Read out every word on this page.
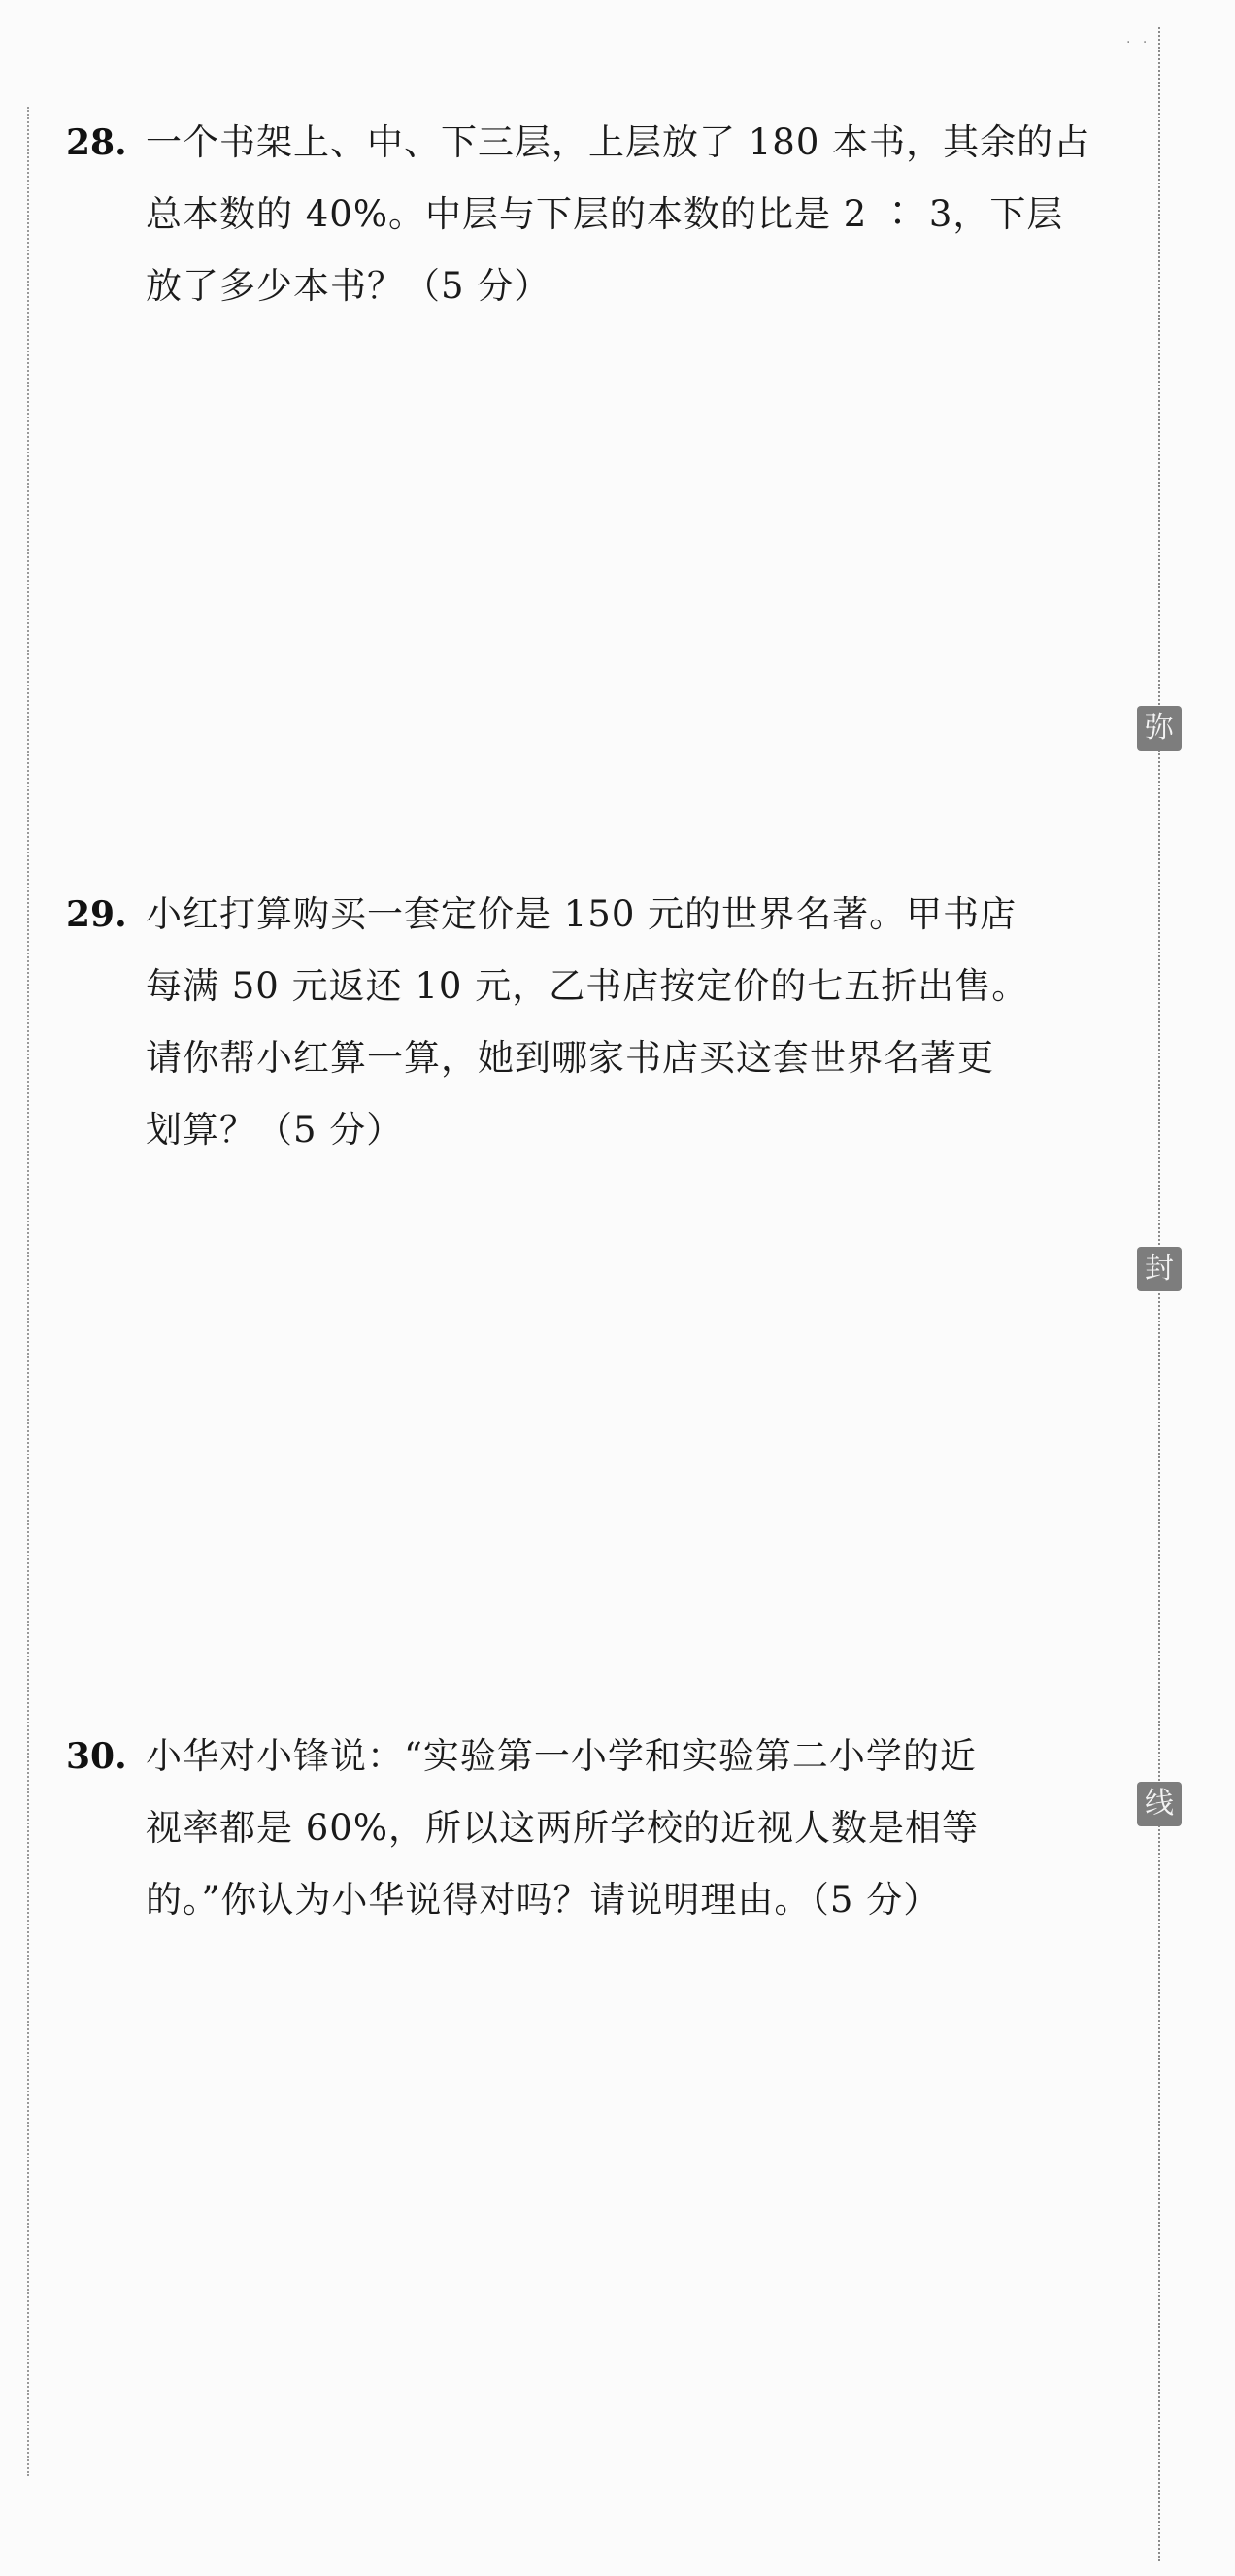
· ·
弥
封
线
28. 一个书架上、中、下三层，上层放了 180 本书，其余的占
总本数的 40%。中层与下层的本数的比是 2 ∶ 3，下层
放了多少本书？（5 分）
29. 小红打算购买一套定价是 150 元的世界名著。甲书店
每满 50 元返还 10 元，乙书店按定价的七五折出售。
请你帮小红算一算，她到哪家书店买这套世界名著更
划算？（5 分）
30. 小华对小锋说：“实验第一小学和实验第二小学的近
视率都是 60%，所以这两所学校的近视人数是相等
的。”你认为小华说得对吗？请说明理由。（5 分）
